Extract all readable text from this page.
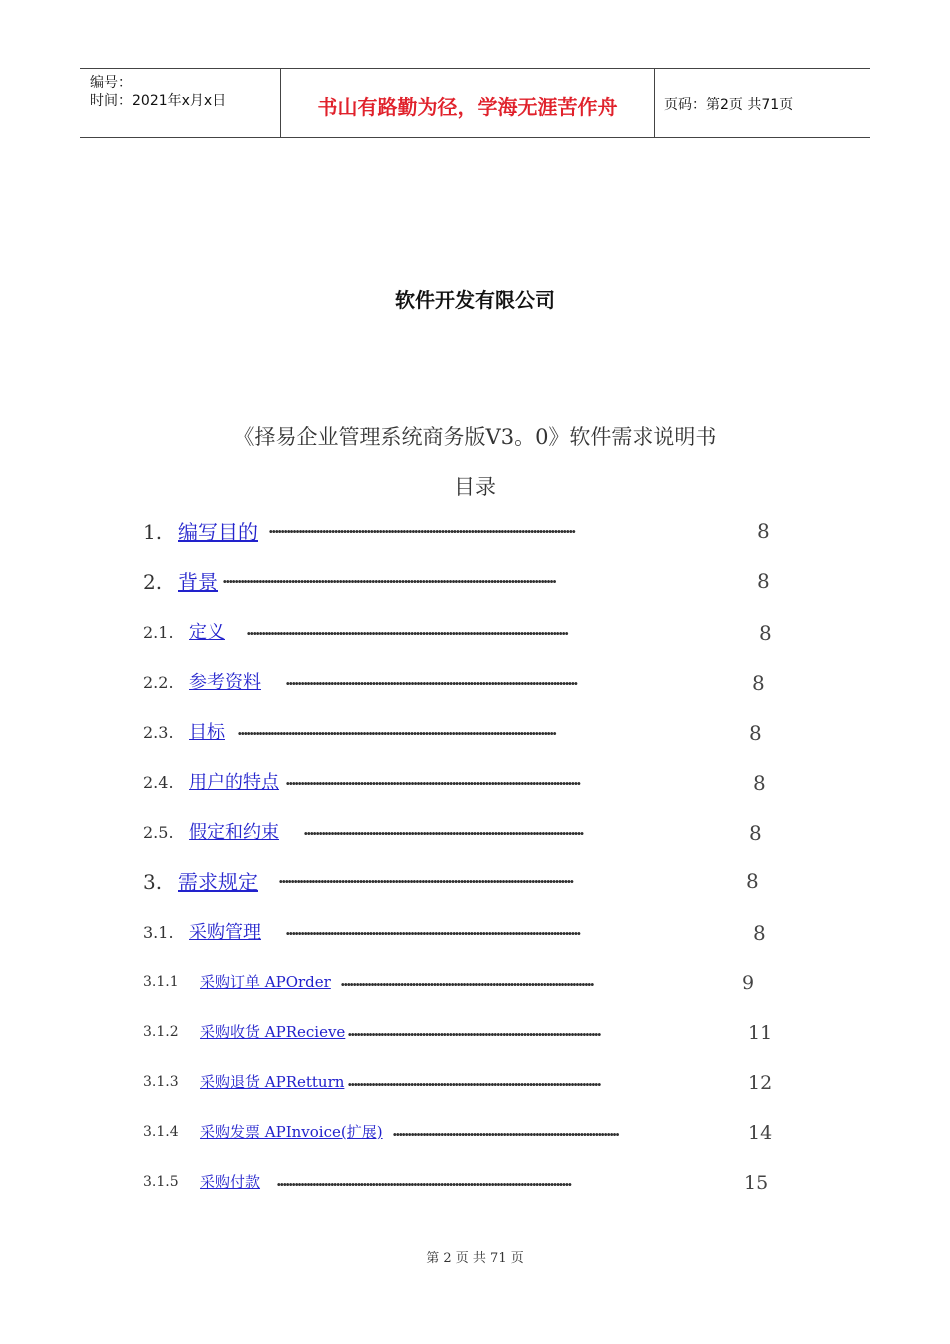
编号：
时间：2021年x月x日	书山有路勤为径，学海无涯苦作舟	页码：第2页 共71页
软件开发有限公司
《择易企业管理系统商务版V3。0》软件需求说明书
目录
1. 编写目的 ·······································································································	8
2. 背景 ················································································································	8
2.1. 定义 ············································································································	8
2.2. 参考资料 ··································································································	8
2.3. 目标 ···········································································································	8
2.4. 用户的特点 ···································································································	8
2.5. 假定和约束 ······························································································	8
3. 需求规定 ···································································································	8
3.1. 采购管理 ···································································································	8
3.1.1 采购订单 APOrder ·····················································································	9
3.1.2 采购收货 APRecieve ·····················································································	11
3.1.3 采购退货 APRetturn ·····················································································	12
3.1.4 采购发票 APInvoice(扩展) ············································································	14
3.1.5 采购付款 ···································································································	15
第 2 页 共 71 页
